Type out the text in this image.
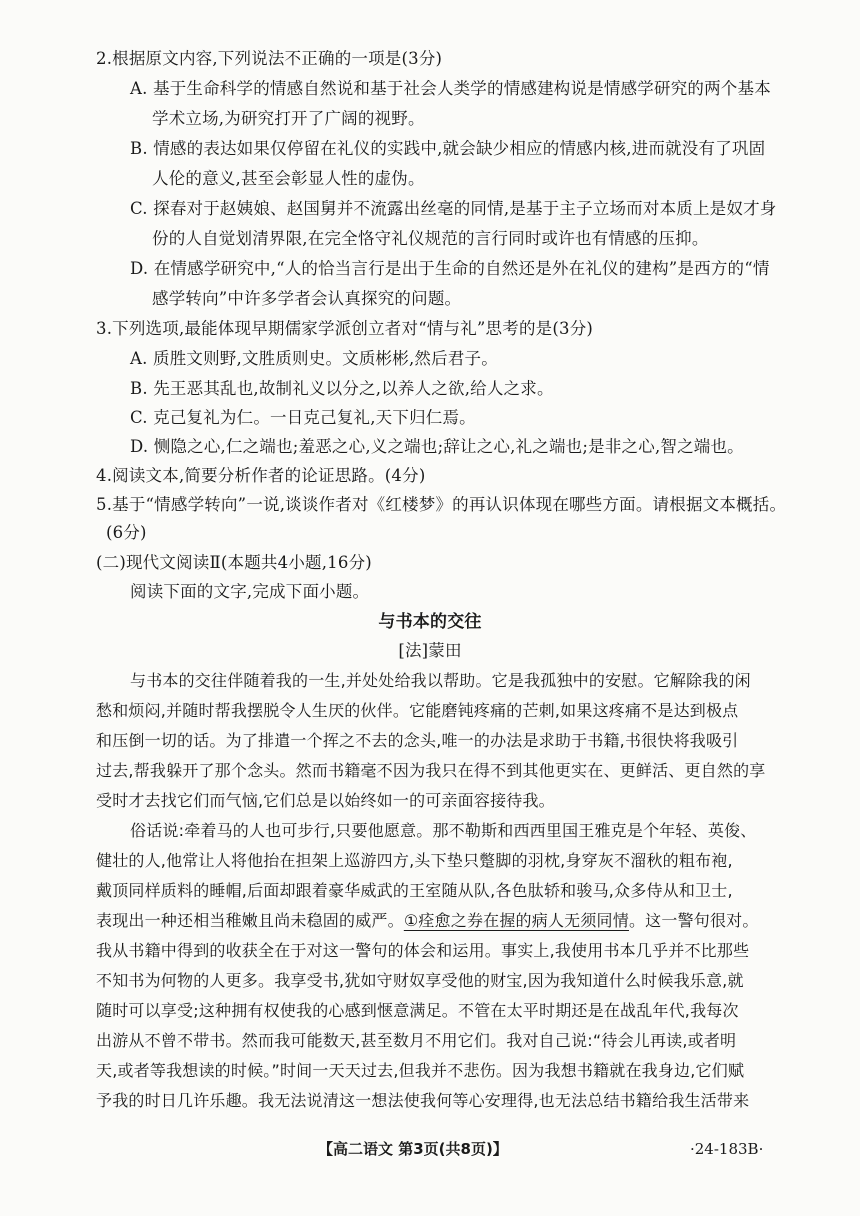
2.根据原文内容,下列说法不正确的一项是(3分)
A. 基于生命科学的情感自然说和基于社会人类学的情感建构说是情感学研究的两个基本
学术立场,为研究打开了广阔的视野。
B. 情感的表达如果仅停留在礼仪的实践中,就会缺少相应的情感内核,进而就没有了巩固
人伦的意义,甚至会彰显人性的虚伪。
C. 探春对于赵姨娘、赵国舅并不流露出丝毫的同情,是基于主子立场而对本质上是奴才身
份的人自觉划清界限,在完全恪守礼仪规范的言行同时或许也有情感的压抑。
D. 在情感学研究中,“人的恰当言行是出于生命的自然还是外在礼仪的建构”是西方的“情
感学转向”中许多学者会认真探究的问题。
3.下列选项,最能体现早期儒家学派创立者对“情与礼”思考的是(3分)
A. 质胜文则野,文胜质则史。文质彬彬,然后君子。
B. 先王恶其乱也,故制礼义以分之,以养人之欲,给人之求。
C. 克己复礼为仁。一日克己复礼,天下归仁焉。
D. 恻隐之心,仁之端也;羞恶之心,义之端也;辞让之心,礼之端也;是非之心,智之端也。
4.阅读文本,简要分析作者的论证思路。(4分)
5.基于“情感学转向”一说,谈谈作者对《红楼梦》的再认识体现在哪些方面。请根据文本概括。
(6分)
(二)现代文阅读Ⅱ(本题共4小题,16分)
阅读下面的文字,完成下面小题。
与书本的交往
[法]蒙田
与书本的交往伴随着我的一生,并处处给我以帮助。它是我孤独中的安慰。它解除我的闲
愁和烦闷,并随时帮我摆脱令人生厌的伙伴。它能磨钝疼痛的芒刺,如果这疼痛不是达到极点
和压倒一切的话。为了排遣一个挥之不去的念头,唯一的办法是求助于书籍,书很快将我吸引
过去,帮我躲开了那个念头。然而书籍毫不因为我只在得不到其他更实在、更鲜活、更自然的享
受时才去找它们而气恼,它们总是以始终如一的可亲面容接待我。
俗话说:牵着马的人也可步行,只要他愿意。那不勒斯和西西里国王雅克是个年轻、英俊、
健壮的人,他常让人将他抬在担架上巡游四方,头下垫只蹩脚的羽枕,身穿灰不溜秋的粗布袍,
戴顶同样质料的睡帽,后面却跟着豪华威武的王室随从队,各色肽轿和骏马,众多侍从和卫士,
表现出一种还相当稚嫩且尚未稳固的威严。①痊愈之券在握的病人无须同情。这一警句很对。
我从书籍中得到的收获全在于对这一警句的体会和运用。事实上,我使用书本几乎并不比那些
不知书为何物的人更多。我享受书,犹如守财奴享受他的财宝,因为我知道什么时候我乐意,就
随时可以享受;这种拥有权使我的心感到惬意满足。不管在太平时期还是在战乱年代,我每次
出游从不曾不带书。然而我可能数天,甚至数月不用它们。我对自己说:“待会儿再读,或者明
天,或者等我想读的时候。”时间一天天过去,但我并不悲伤。因为我想书籍就在我身边,它们赋
予我的时日几许乐趣。我无法说清这一想法使我何等心安理得,也无法总结书籍给我生活带来
【高二语文 第3页(共8页)】	·24-183B·
